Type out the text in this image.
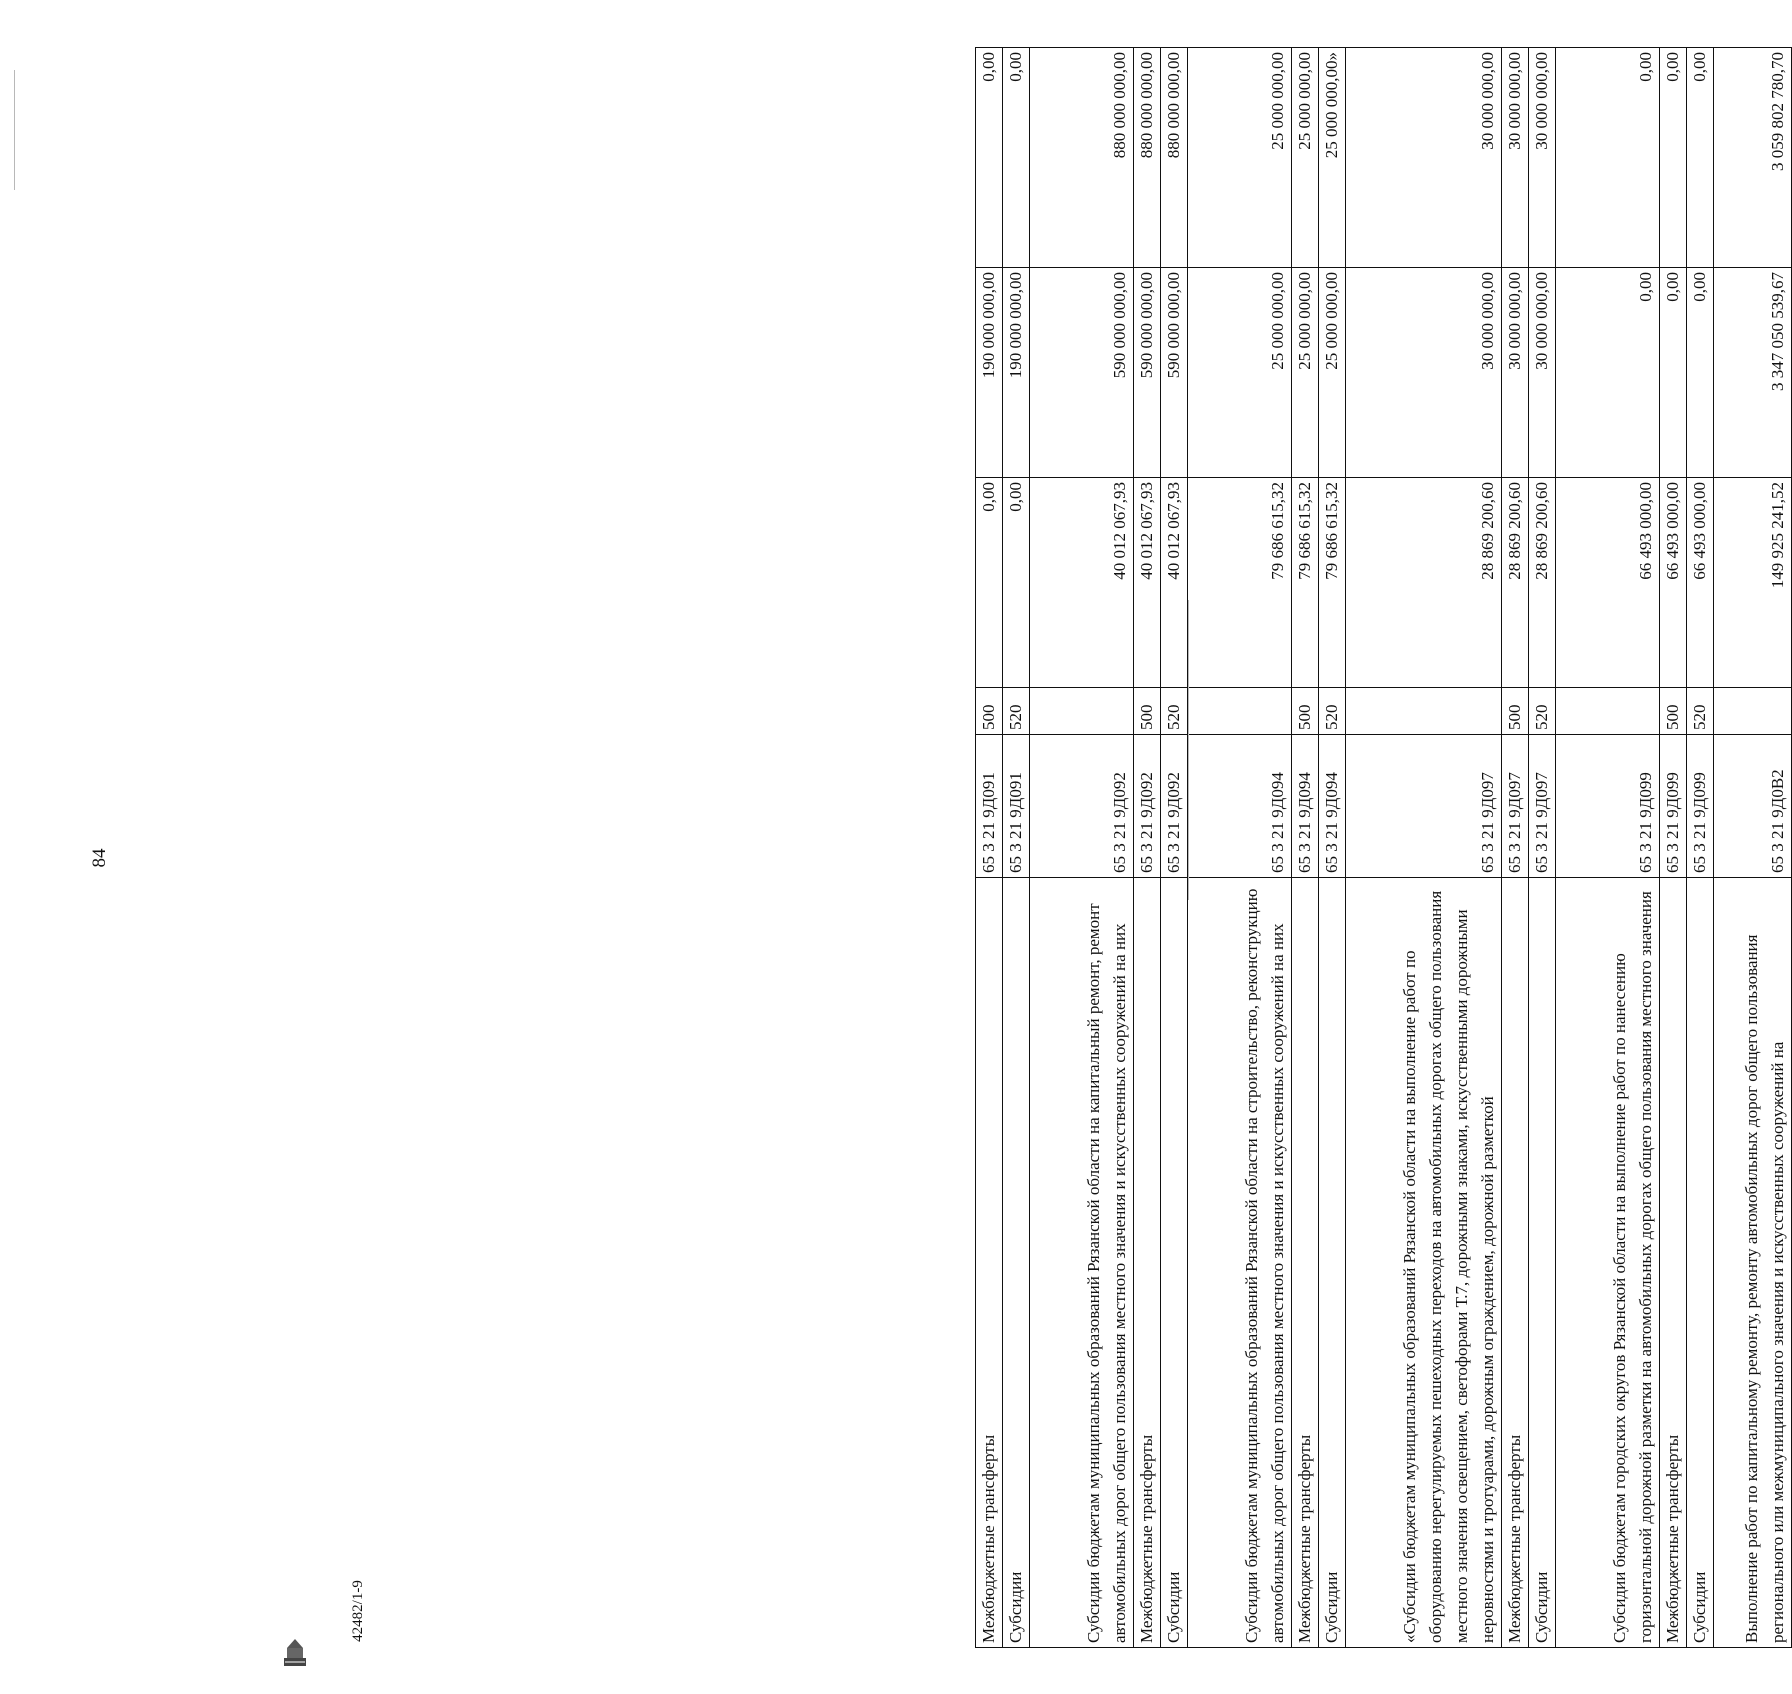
84
Межбюджетные трансферты	65 3 21 9Д091	500	0,00	190 000 000,00	0,00
Субсидии	65 3 21 9Д091	520	0,00	190 000 000,00	0,00
Субсидии бюджетам муниципальных образований Рязанской области на капитальный ремонт, ремонт автомобильных дорог общего пользования местного значения и искусственных сооружений на них	65 3 21 9Д092		40 012 067,93	590 000 000,00	880 000 000,00
Межбюджетные трансферты	65 3 21 9Д092	500	40 012 067,93	590 000 000,00	880 000 000,00
Субсидии	65 3 21 9Д092	520	40 012 067,93	590 000 000,00	880 000 000,00
Субсидии бюджетам муниципальных образований Рязанской области на строительство, реконструкцию автомобильных дорог общего пользования местного значения и искусственных сооружений на них	65 3 21 9Д094		79 686 615,32	25 000 000,00	25 000 000,00
Межбюджетные трансферты	65 3 21 9Д094	500	79 686 615,32	25 000 000,00	25 000 000,00
Субсидии	65 3 21 9Д094	520	79 686 615,32	25 000 000,00	25 000 000,00»
«Субсидии бюджетам муниципальных образований Рязанской области на выполнение работ по оборудованию нерегулируемых пешеходных переходов на автомобильных дорогах общего пользования местного значения освещением, светофорами Т.7, дорожными знаками, искусственными дорожными неровностями и тротуарами, дорожным ограждением, дорожной разметкой	65 3 21 9Д097		28 869 200,60	30 000 000,00	30 000 000,00
Межбюджетные трансферты	65 3 21 9Д097	500	28 869 200,60	30 000 000,00	30 000 000,00
Субсидии	65 3 21 9Д097	520	28 869 200,60	30 000 000,00	30 000 000,00
Субсидии бюджетам городских округов Рязанской области на выполнение работ по нанесению горизонтальной дорожной разметки на автомобильных дорогах общего пользования местного значения	65 3 21 9Д099		66 493 000,00	0,00	0,00
Межбюджетные трансферты	65 3 21 9Д099	500	66 493 000,00	0,00	0,00
Субсидии	65 3 21 9Д099	520	66 493 000,00	0,00	0,00
Выполнение работ по капитальному ремонту, ремонту автомобильных дорог общего пользования регионального или межмуниципального значения и искусственных сооружений на	65 3 21 9Д0В2		149 925 241,52	3 347 050 539,67	3 059 802 780,70
42482/1-9
